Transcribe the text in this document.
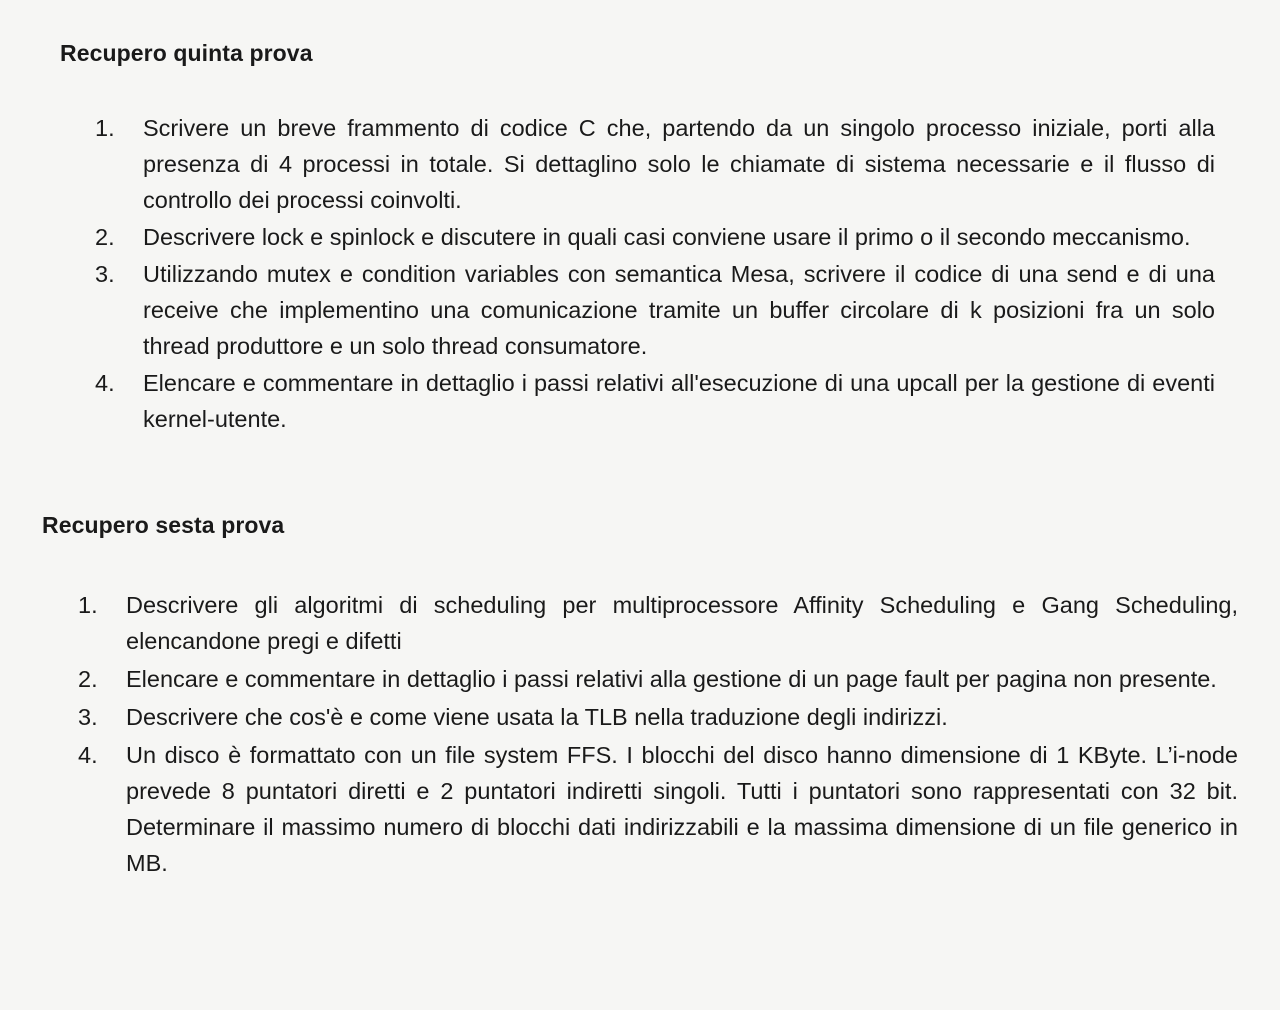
Recupero quinta prova
1.	Scrivere un breve frammento di codice C che, partendo da un singolo processo iniziale, porti alla presenza di 4 processi in totale. Si dettaglino solo le chiamate di sistema necessarie e il flusso di controllo dei processi coinvolti.
2.	Descrivere lock e spinlock e discutere in quali casi conviene usare il primo o il secondo meccanismo.
3.	Utilizzando mutex e condition variables con semantica Mesa, scrivere il codice di una send e di una receive che implementino una comunicazione tramite un buffer circolare di k posizioni fra un solo thread produttore e un solo thread consumatore.
4.	Elencare e commentare in dettaglio i passi relativi all'esecuzione di una upcall per la gestione di eventi kernel-utente.
Recupero sesta prova
1.	Descrivere gli algoritmi di scheduling per multiprocessore Affinity Scheduling e Gang Scheduling, elencandone pregi e difetti
2.	Elencare e commentare in dettaglio i passi relativi alla gestione di un page fault per pagina non presente.
3.	Descrivere che cos'è e come viene usata la TLB nella traduzione degli indirizzi.
4.	Un disco è formattato con un file system FFS. I blocchi del disco hanno dimensione di 1 KByte. L’i-node prevede 8 puntatori diretti e 2 puntatori indiretti singoli. Tutti i puntatori sono rappresentati con 32 bit. Determinare il massimo numero di blocchi dati indirizzabili e la massima dimensione di un file generico in MB.
